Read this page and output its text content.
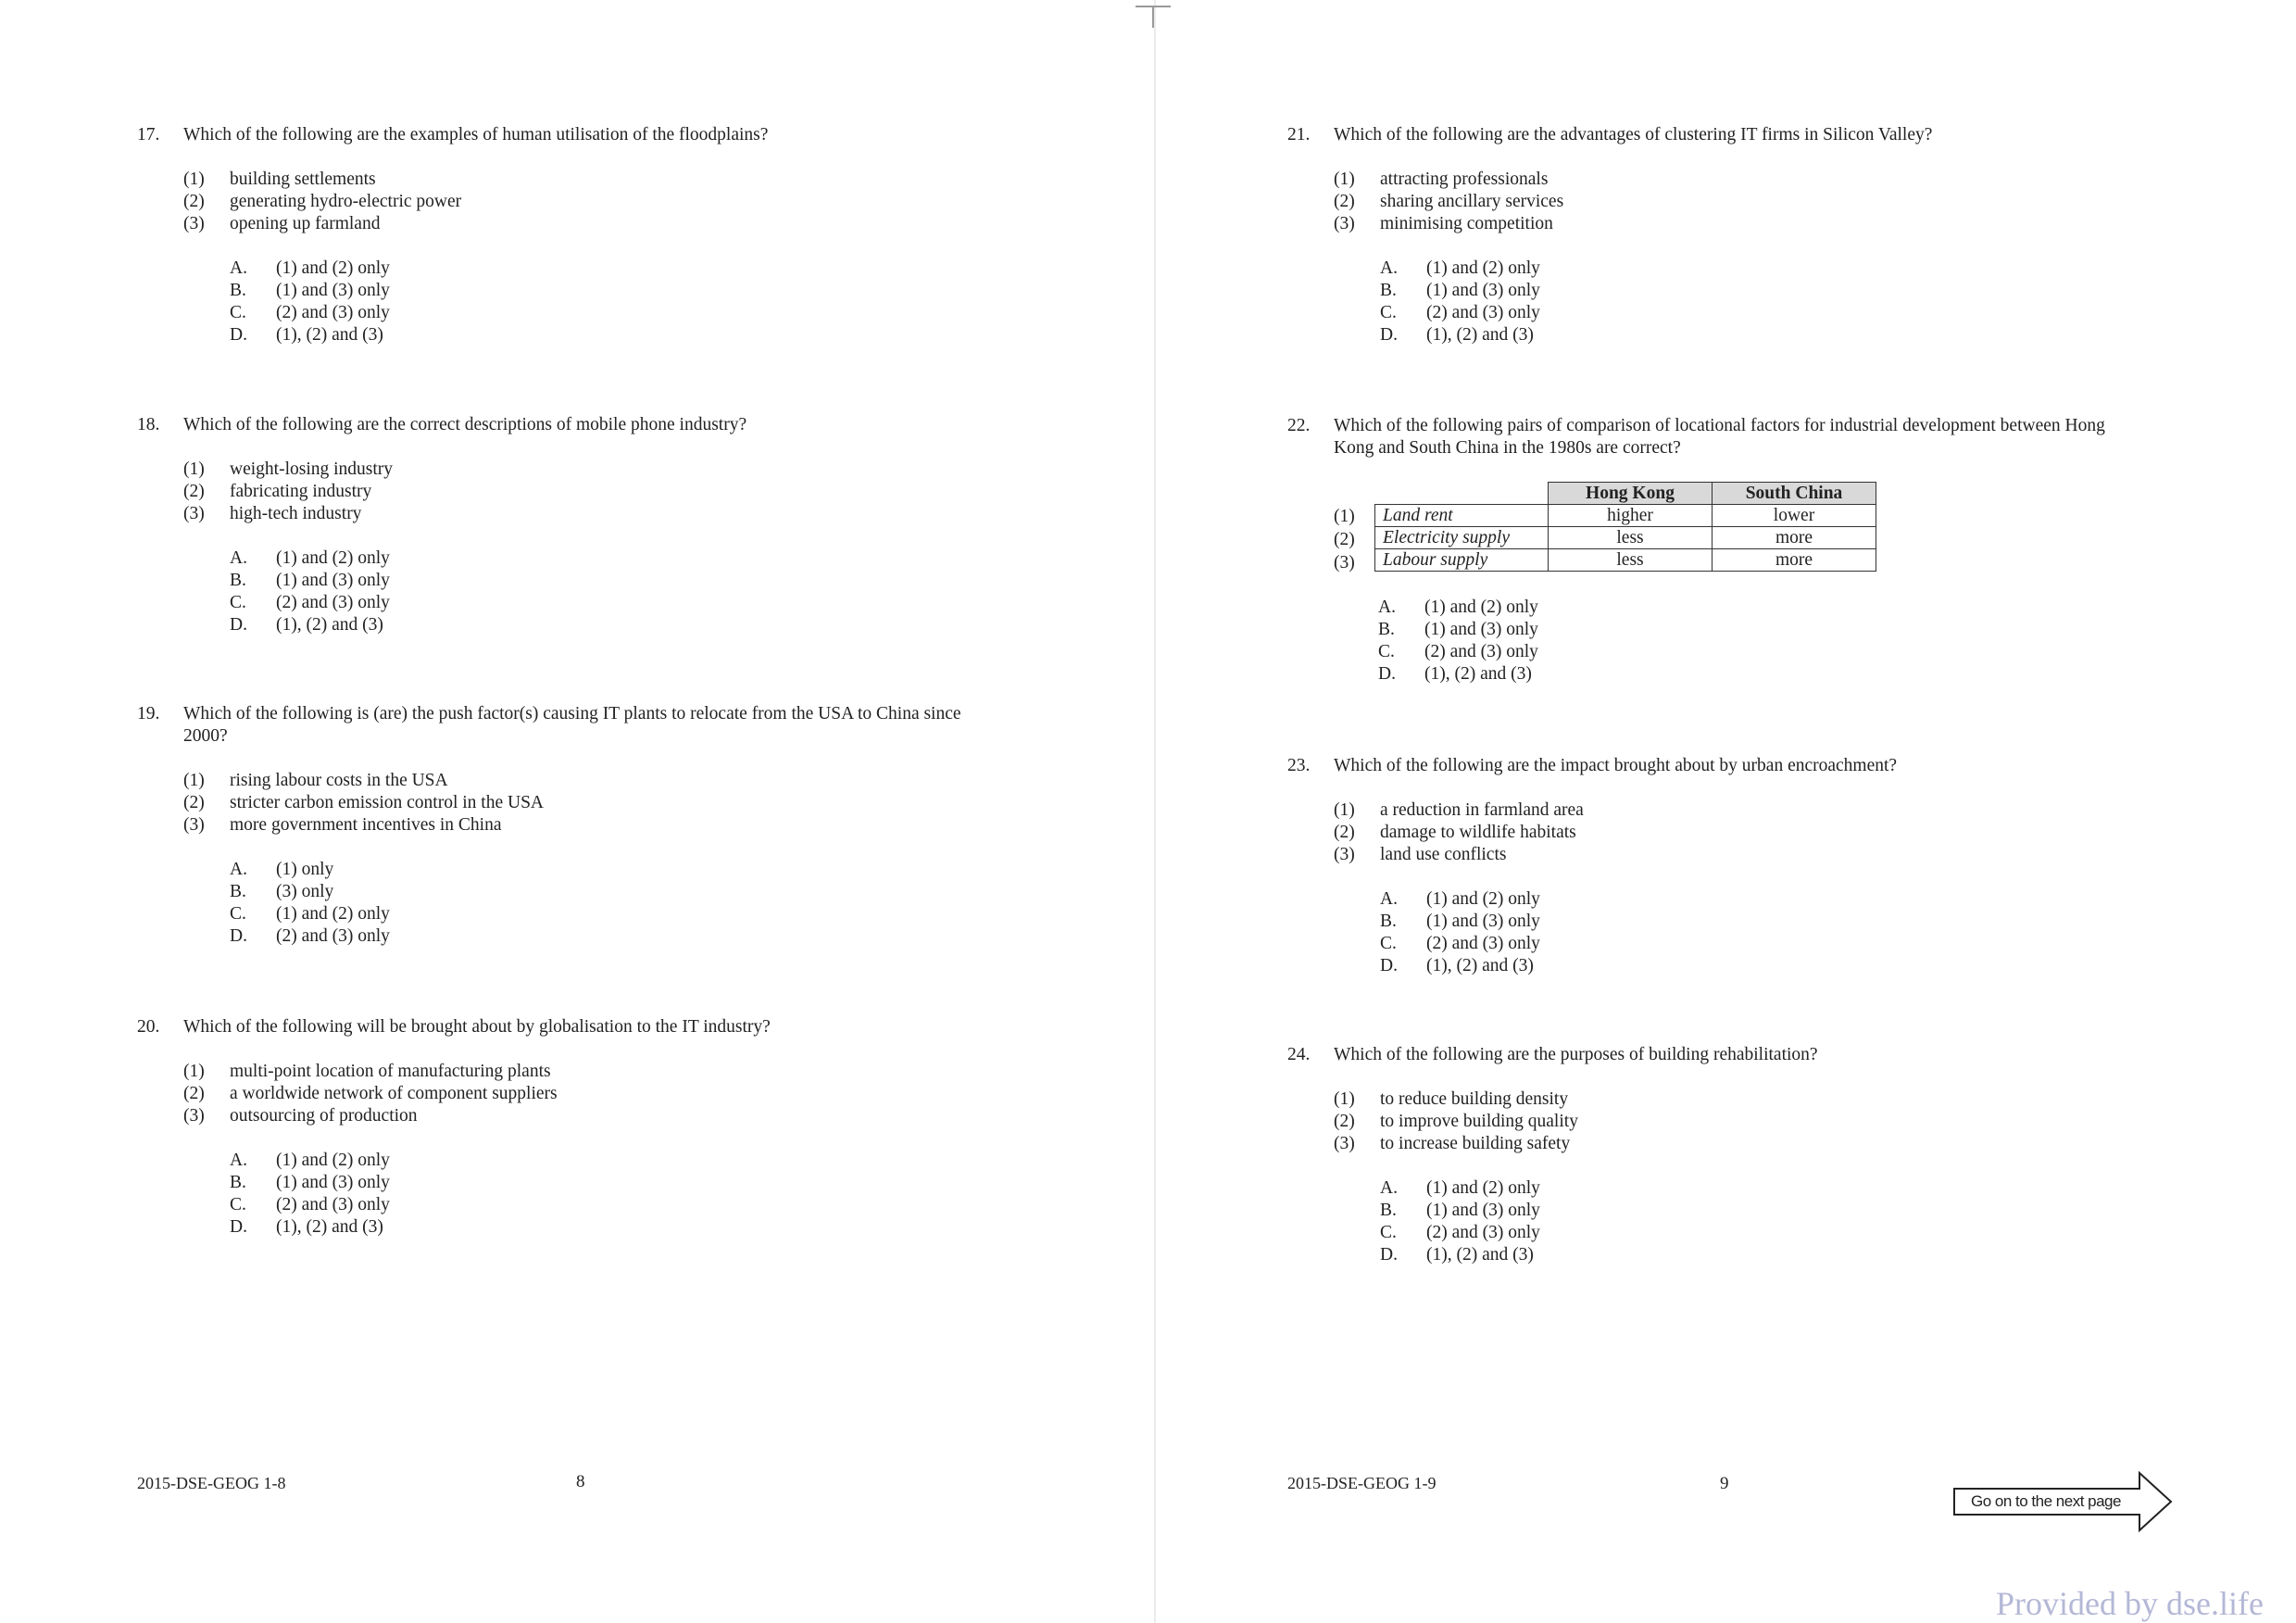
17. Which of the following are the examples of human utilisation of the floodplains?
(1) building settlements
(2) generating hydro-electric power
(3) opening up farmland
A. (1) and (2) only
B. (1) and (3) only
C. (2) and (3) only
D. (1), (2) and (3)
18. Which of the following are the correct descriptions of mobile phone industry?
(1) weight-losing industry
(2) fabricating industry
(3) high-tech industry
A. (1) and (2) only
B. (1) and (3) only
C. (2) and (3) only
D. (1), (2) and (3)
19. Which of the following is (are) the push factor(s) causing IT plants to relocate from the USA to China since
2000?
(1) rising labour costs in the USA
(2) stricter carbon emission control in the USA
(3) more government incentives in China
A. (1) only
B. (3) only
C. (1) and (2) only
D. (2) and (3) only
20. Which of the following will be brought about by globalisation to the IT industry?
(1) multi-point location of manufacturing plants
(2) a worldwide network of component suppliers
(3) outsourcing of production
A. (1) and (2) only
B. (1) and (3) only
C. (2) and (3) only
D. (1), (2) and (3)
2015-DSE-GEOG 1-8	8
21. Which of the following are the advantages of clustering IT firms in Silicon Valley?
(1) attracting professionals
(2) sharing ancillary services
(3) minimising competition
A. (1) and (2) only
B. (1) and (3) only
C. (2) and (3) only
D. (1), (2) and (3)
22. Which of the following pairs of comparison of locational factors for industrial development between Hong
Kong and South China in the 1980s are correct?
(1)
(2)
(3)
	Hong Kong	South China
Land rent	higher	lower
Electricity supply	less	more
Labour supply	less	more
A. (1) and (2) only
B. (1) and (3) only
C. (2) and (3) only
D. (1), (2) and (3)
23. Which of the following are the impact brought about by urban encroachment?
(1) a reduction in farmland area
(2) damage to wildlife habitats
(3) land use conflicts
A. (1) and (2) only
B. (1) and (3) only
C. (2) and (3) only
D. (1), (2) and (3)
24. Which of the following are the purposes of building rehabilitation?
(1) to reduce building density
(2) to improve building quality
(3) to increase building safety
A. (1) and (2) only
B. (1) and (3) only
C. (2) and (3) only
D. (1), (2) and (3)
2015-DSE-GEOG 1-9	9
Go on to the next page
Provided by dse.life
